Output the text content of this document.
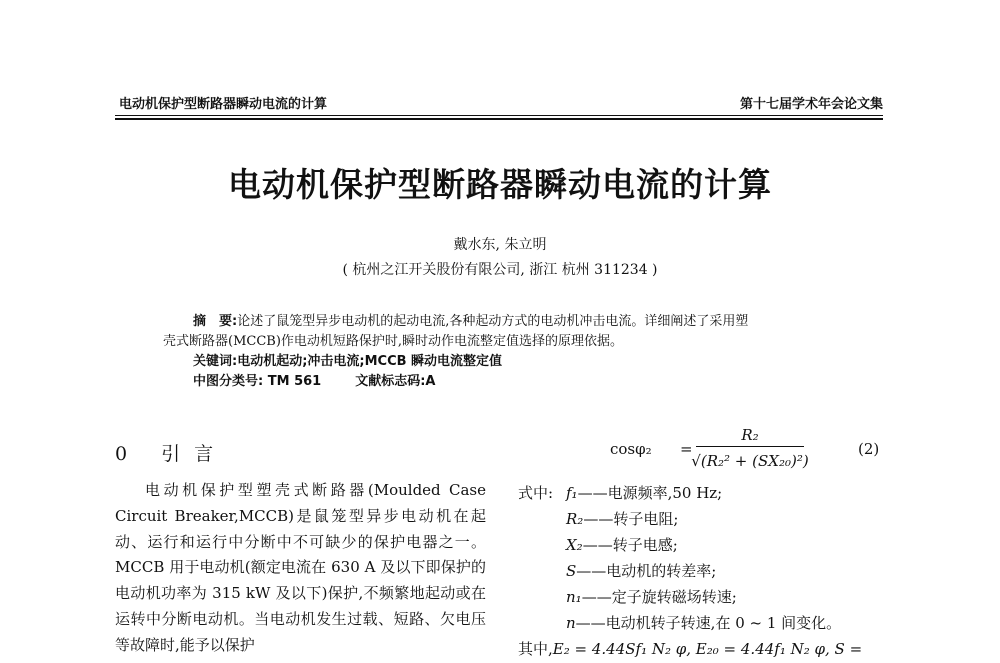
电动机保护型断路器瞬动电流的计算	第十七届学术年会论文集
电动机保护型断路器瞬动电流的计算
戴水东, 朱立明
( 杭州之江开关股份有限公司, 浙江 杭州 311234 )

摘　要:论述了鼠笼型异步电动机的起动电流,各种起动方式的电动机冲击电流。详细阐述了采用塑

壳式断路器(MCCB)作电动机短路保护时,瞬时动作电流整定值选择的原理依据。

关键词:电动机起动;冲击电流;MCCB 瞬动电流整定值

中图分类号: TM 561	文献标志码:A

0 引言

电动机保护型塑壳式断路器(Moulded Case Circuit Breaker,MCCB)是鼠笼型异步电动机在起动、运行和运行中分断中不可缺少的保护电器之一。MCCB 用于电动机(额定电流在 630 A 及以下即保护的电动机功率为 315 kW 及以下)保护,不频繁地起动或在运转中分断电动机。当电动机发生过载、短路、欠电压等故障时,能予以保护

cosφ₂ =
R₂
√(R₂² + (SX₂₀)²)
(2)
式中: f₁——电源频率,50 Hz;
R₂——转子电阻;
X₂——转子电感;
S——电动机的转差率;
n₁——定子旋转磁场转速;
n——电动机转子转速,在 0 ~ 1 间变化。
其中,E₂ = 4.44Sf₁ N₂ φ, E₂₀ = 4.44f₁ N₂ φ, S =
